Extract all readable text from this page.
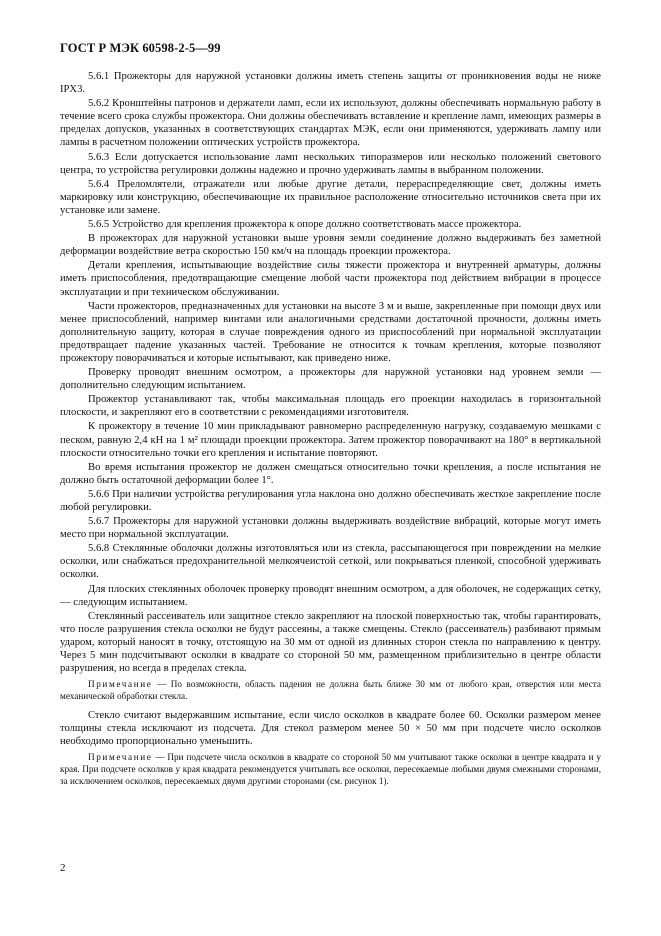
ГОСТ Р МЭК 60598-2-5—99

5.6.1 Прожекторы для наружной установки должны иметь степень защиты от проникновения воды не ниже IPX3.

5.6.2 Кронштейны патронов и держатели ламп, если их используют, должны обеспечивать нормальную работу в течение всего срока службы прожектора. Они должны обеспечивать вставление и крепление ламп, имеющих размеры в пределах допусков, указанных в соответствующих стандартах МЭК, если они применяются, удерживать лампу или лампы в расчетном положении оптических устройств прожектора.

5.6.3 Если допускается использование ламп нескольких типоразмеров или несколько положений светового центра, то устройства регулировки должны надежно и прочно удерживать лампы в выбранном положении.

5.6.4 Преломлятели, отражатели или любые другие детали, перераспределяющие свет, должны иметь маркировку или конструкцию, обеспечивающие их правильное расположение относительно источников света при их установке или замене.

5.6.5 Устройство для крепления прожектора к опоре должно соответствовать массе прожектора.

В прожекторах для наружной установки выше уровня земли соединение должно выдерживать без заметной деформации воздействие ветра скоростью 150 км/ч на площадь проекции прожектора.

Детали крепления, испытывающие воздействие силы тяжести прожектора и внутренней арматуры, должны иметь приспособления, предотвращающие смещение любой части прожектора под действием вибрации в процессе эксплуатации и при техническом обслуживании.

Части прожекторов, предназначенных для установки на высоте 3 м и выше, закрепленные при помощи двух или менее приспособлений, например винтами или аналогичными средствами достаточной прочности, должны иметь дополнительную защиту, которая в случае повреждения одного из приспособлений при нормальной эксплуатации предотвращает падение указанных частей. Требование не относится к точкам крепления, которые позволяют прожектору поворачиваться и которые испытывают, как приведено ниже.

Проверку проводят внешним осмотром, а прожекторы для наружной установки над уровнем земли — дополнительно следующим испытанием.

Прожектор устанавливают так, чтобы максимальная площадь его проекции находилась в горизонтальной плоскости, и закрепляют его в соответствии с рекомендациями изготовителя.

К прожектору в течение 10 мин прикладывают равномерно распределенную нагрузку, создаваемую мешками с песком, равную 2,4 кН на 1 м² площади проекции прожектора. Затем прожектор поворачивают на 180° в вертикальной плоскости относительно точки его крепления и испытание повторяют.

Во время испытания прожектор не должен смещаться относительно точки крепления, а после испытания не должно быть остаточной деформации более 1°.

5.6.6 При наличии устройства регулирования угла наклона оно должно обеспечивать жесткое закрепление после любой регулировки.

5.6.7 Прожекторы для наружной установки должны выдерживать воздействие вибраций, которые могут иметь место при нормальной эксплуатации.

5.6.8 Стеклянные оболочки должны изготовляться или из стекла, рассыпающегося при повреждении на мелкие осколки, или снабжаться предохранительной мелкоячеистой сеткой, или покрываться пленкой, способной удерживать осколки.

Для плоских стеклянных оболочек проверку проводят внешним осмотром, а для оболочек, не содержащих сетку, — следующим испытанием.

Стеклянный рассеиватель или защитное стекло закрепляют на плоской поверхностью так, чтобы гарантировать, что после разрушения стекла осколки не будут рассеяны, а также смещены. Стекло (рассеиватель) разбивают прямым ударом, который наносят в точку, отстоящую на 30 мм от одной из длинных сторон стекла по направлению к центру. Через 5 мин подсчитывают осколки в квадрате со стороной 50 мм, размещенном приблизительно в центре области разрушения, но всегда в пределах стекла.

Примечание — По возможности, область падения не должна быть ближе 30 мм от любого края, отверстия или места механической обработки стекла.

Стекло считают выдержавшим испытание, если число осколков в квадрате более 60. Осколки размером менее толщины стекла исключают из подсчета. Для стекол размером менее 50 × 50 мм при подсчете число осколков необходимо пропорционально уменьшить.

Примечание — При подсчете числа осколков в квадрате со стороной 50 мм учитывают также осколки в центре квадрата и у края. При подсчете осколков у края квадрата рекомендуется учитывать все осколки, пересекаемые любыми двумя смежными сторонами, за исключением осколков, пересекаемых двумя другими сторонами (см. рисунок 1).

2
